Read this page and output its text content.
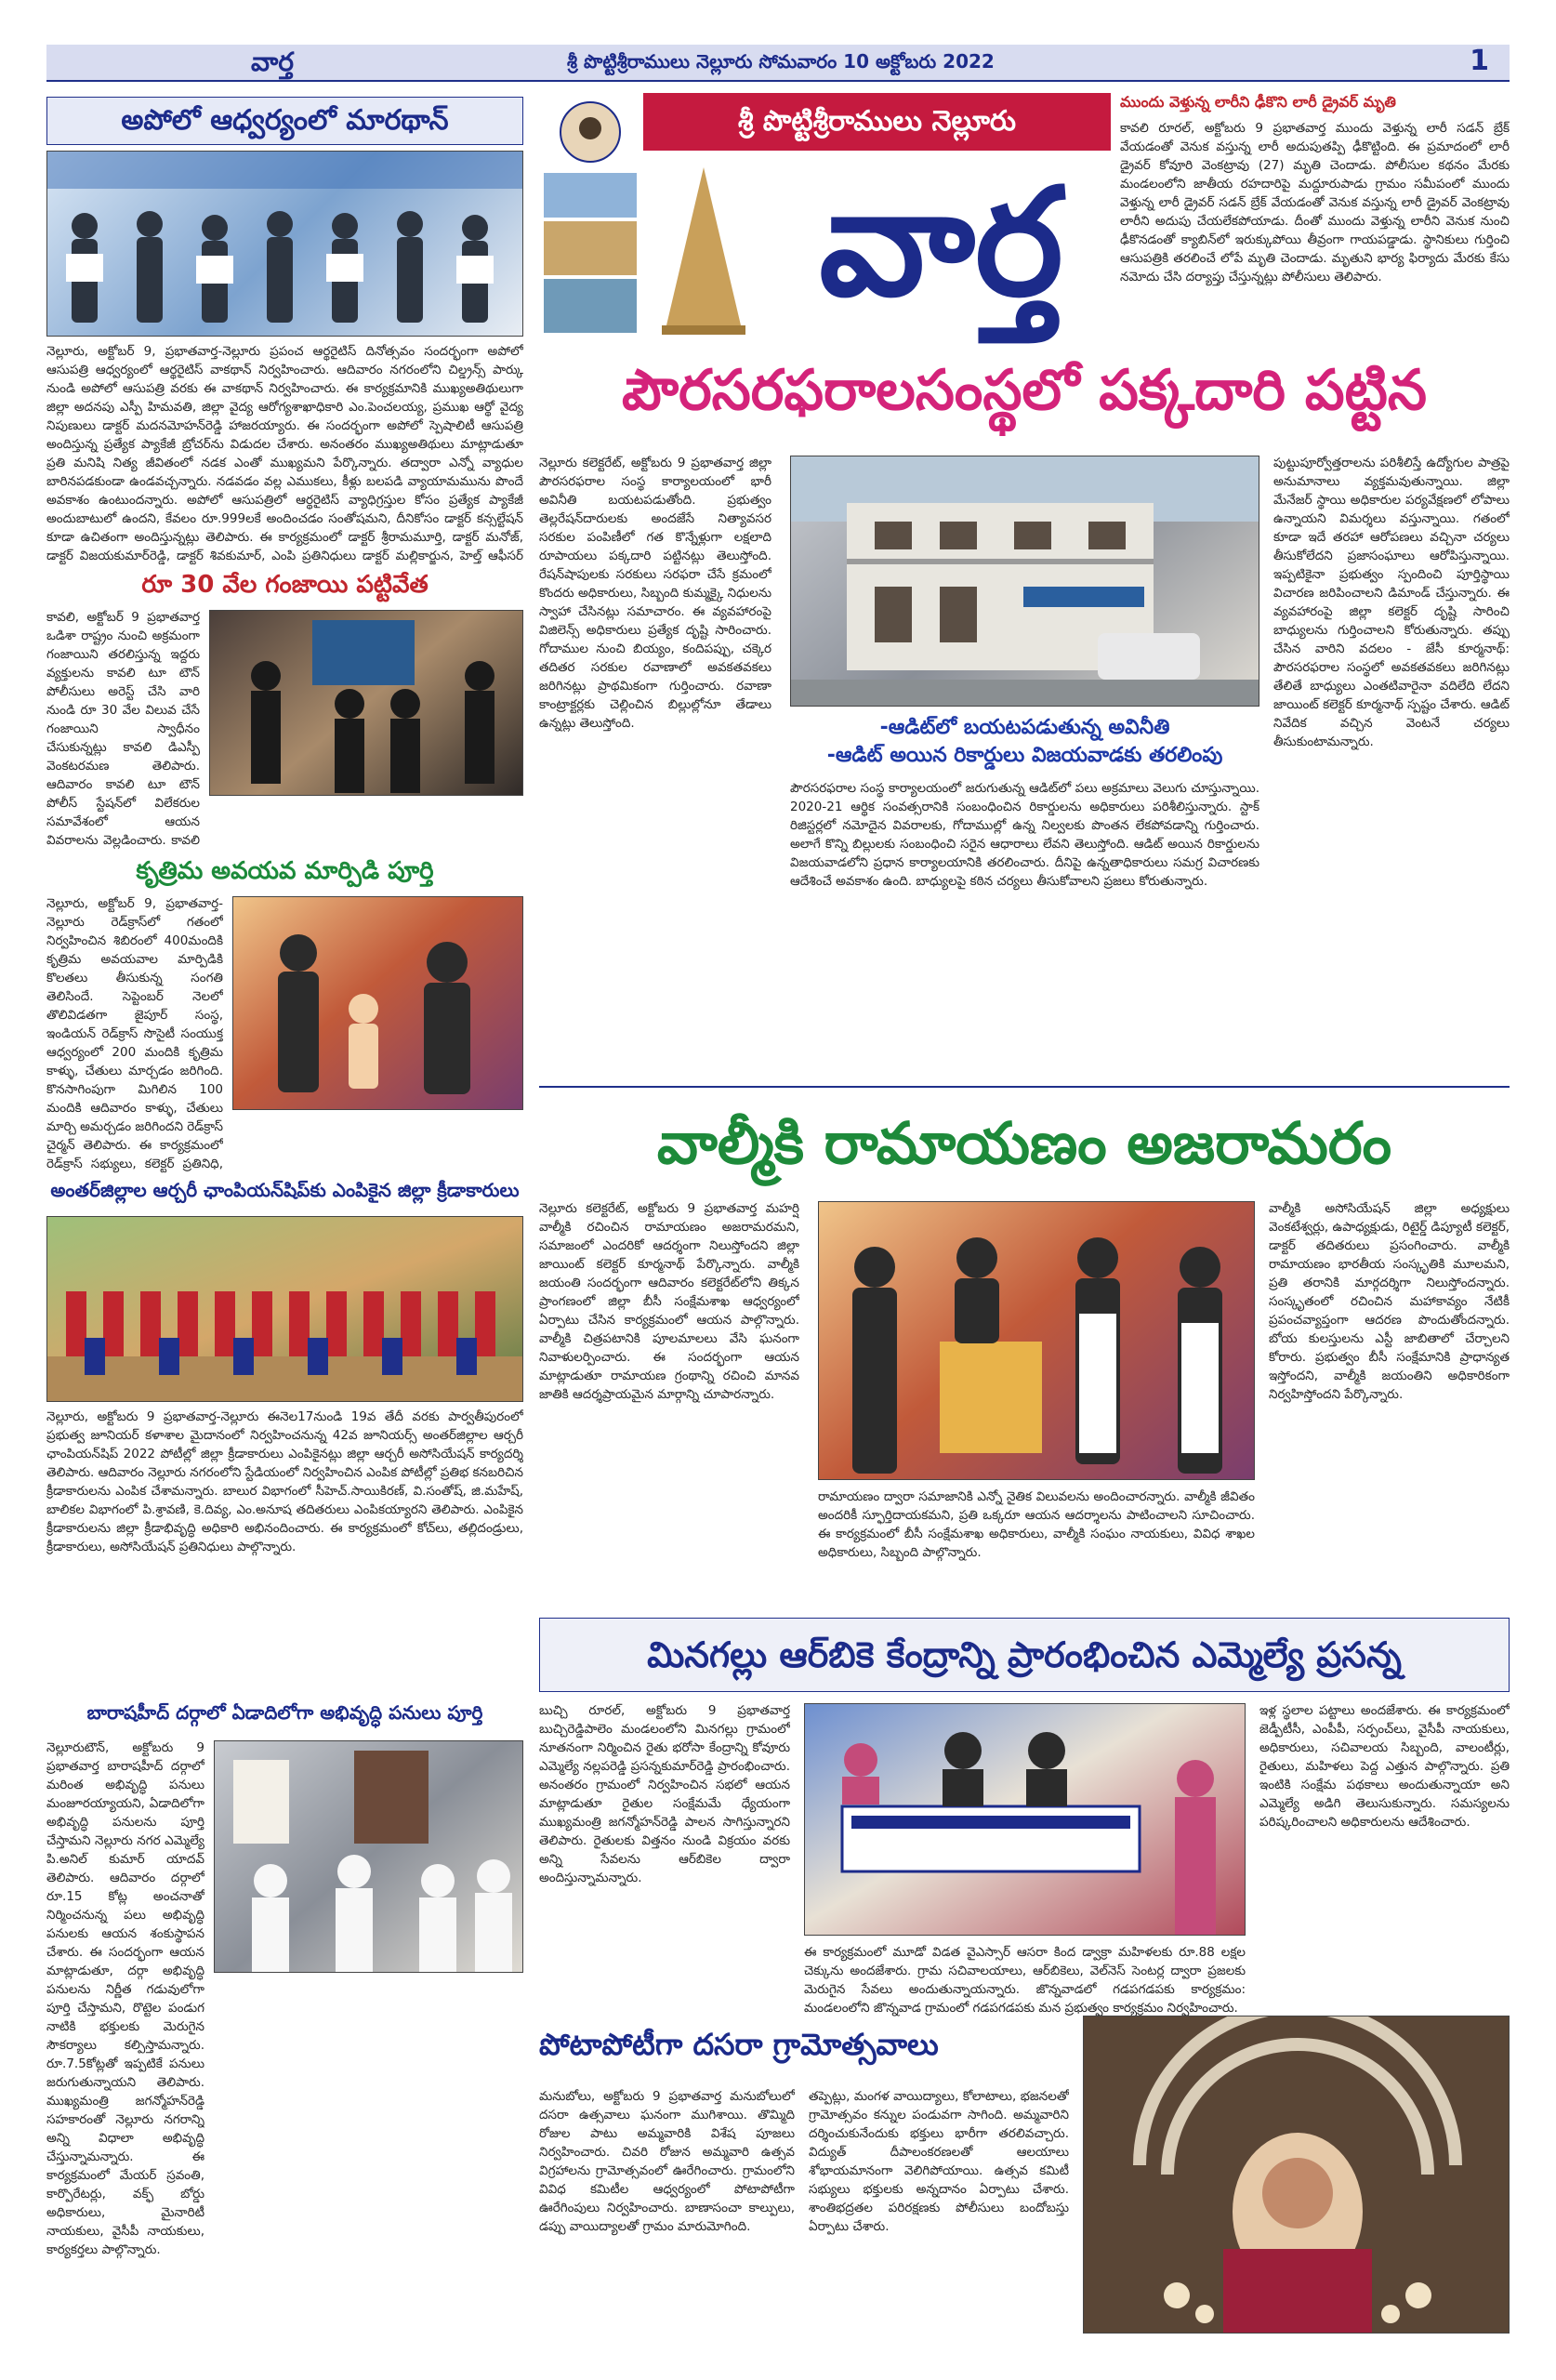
వార్త	శ్రీ పొట్టిశ్రీరాములు నెల్లూరు సోమవారం 10 అక్టోబరు 2022	1
అపోలో ఆధ్వర్యంలో మారథాన్
నెల్లూరు, అక్టోబర్ 9, ప్రభాతవార్త-నెల్లూరు ప్రపంచ ఆర్థరైటిస్ దినోత్సవం సందర్భంగా అపోలో ఆసుపత్రి ఆధ్వర్యంలో ఆర్థరైటిస్ వాకథాన్ నిర్వహించారు. ఆదివారం నగరంలోని చిల్డ్రన్స్ పార్కు నుండి అపోలో ఆసుపత్రి వరకు ఈ వాకథాన్ నిర్వహించారు. ఈ కార్యక్రమానికి ముఖ్యఅతిథులుగా జిల్లా అదనపు ఎస్పీ హిమవతి, జిల్లా వైద్య ఆరోగ్యశాఖాధికారి ఎం.పెంచలయ్య, ప్రముఖ ఆర్థో వైద్య నిపుణులు డాక్టర్ మదనమోహన్‌రెడ్డి హాజరయ్యారు. ఈ సందర్భంగా అపోలో స్పెషాలిటీ ఆసుపత్రి అందిస్తున్న ప్రత్యేక ప్యాకేజీ బ్రోచర్‌ను విడుదల చేశారు. అనంతరం ముఖ్యఅతిథులు మాట్లాడుతూ ప్రతి మనిషి నిత్య జీవితంలో నడక ఎంతో ముఖ్యమని పేర్కొన్నారు. తద్వారా ఎన్నో వ్యాధుల బారినపడకుండా ఉండవచ్చన్నారు. నడవడం వల్ల ఎముకలు, కీళ్లు బలపడి వ్యాయామమును పొందే అవకాశం ఉంటుందన్నారు. అపోలో ఆసుపత్రిలో ఆర్థరైటిస్ వ్యాధిగ్రస్తుల కోసం ప్రత్యేక ప్యాకేజీ అందుబాటులో ఉందని, కేవలం రూ.999లకే అందించడం సంతోషమని, దీనికోసం డాక్టర్ కన్సల్టేషన్ కూడా ఉచితంగా అందిస్తున్నట్లు తెలిపారు. ఈ కార్యక్రమంలో డాక్టర్ శ్రీరామమూర్తి, డాక్టర్ మనోజ్, డాక్టర్ విజయకుమార్‌రెడ్డి, డాక్టర్ శివకుమార్, ఎంపి ప్రతినిధులు డాక్టర్ మల్లికార్జున, హెల్త్ ఆఫీసర్
రూ 30 వేల గంజాయి పట్టివేత
కావలి, అక్టోబర్ 9 ప్రభాతవార్త ఒడిశా రాష్ట్రం నుంచి అక్రమంగా గంజాయిని తరలిస్తున్న ఇద్దరు వ్యక్తులను కావలి టూ టౌన్ పోలీసులు అరెస్ట్ చేసి వారి నుండి రూ 30 వేల విలువ చేసే గంజాయిని స్వాధీనం చేసుకున్నట్లు కావలి డిఎస్పీ వెంకటరమణ తెలిపారు. ఆదివారం కావలి టూ టౌన్ పోలీస్ స్టేషన్‌లో విలేకరుల సమావేశంలో ఆయన వివరాలను వెల్లడించారు. కావలి
కృత్రిమ అవయవ మార్పిడి పూర్తి
నెల్లూరు, అక్టోబర్ 9, ప్రభాతవార్త-నెల్లూరు రెడ్‌క్రాస్‌లో గతంలో నిర్వహించిన శిబిరంలో 400మందికి కృత్రిమ అవయవాల మార్పిడికి కొలతలు తీసుకున్న సంగతి తెలిసిందే. సెప్టెంబర్ నెలలో తొలివిడతగా జైపూర్ సంస్థ, ఇండియన్ రెడ్‌క్రాస్ సొసైటీ సంయుక్త ఆధ్వర్యంలో 200 మందికి కృత్రిమ కాళ్ళు, చేతులు మార్చడం జరిగింది. కొనసాగింపుగా మిగిలిన 100 మందికి ఆదివారం కాళ్ళు, చేతులు మార్చి అమర్చడం జరిగిందని రెడ్‌క్రాస్ చైర్మన్ తెలిపారు. ఈ కార్యక్రమంలో రెడ్‌క్రాస్ సభ్యులు, కలెక్టర్ ప్రతినిధి,
అంతర్‌జిల్లాల ఆర్చరీ ఛాంపియన్‌షిప్‌కు ఎంపికైన జిల్లా క్రీడాకారులు
నెల్లూరు, అక్టోబరు 9 ప్రభాతవార్త-నెల్లూరు ఈనెల17నుండి 19వ తేదీ వరకు పార్వతీపురంలో ప్రభుత్వ జూనియర్ కళాశాల మైదానంలో నిర్వహించనున్న 42వ జూనియర్స్ అంతర్‌జిల్లాల ఆర్చరీ ఛాంపియన్‌షిప్ 2022 పోటీల్లో జిల్లా క్రీడాకారులు ఎంపికైనట్లు జిల్లా ఆర్చరీ అసోసియేషన్ కార్యదర్శి తెలిపారు. ఆదివారం నెల్లూరు నగరంలోని స్టేడియంలో నిర్వహించిన ఎంపిక పోటీల్లో ప్రతిభ కనబరిచిన క్రీడాకారులను ఎంపిక చేశామన్నారు. బాలుర విభాగంలో సీహెచ్.సాయికిరణ్, వి.సంతోష్, జి.మహేష్, బాలికల విభాగంలో పి.శ్రావణి, కె.దివ్య, ఎం.అనూష తదితరులు ఎంపికయ్యారని తెలిపారు. ఎంపికైన క్రీడాకారులను జిల్లా క్రీడాభివృద్ధి అధికారి అభినందించారు. ఈ కార్యక్రమంలో కోచ్‌లు, తల్లిదండ్రులు, క్రీడాకారులు, అసోసియేషన్ ప్రతినిధులు పాల్గొన్నారు.
బారాషహీద్ దర్గాలో ఏడాదిలోగా అభివృద్ధి పనులు పూర్తి
నెల్లూరుటౌన్, అక్టోబరు 9 ప్రభాతవార్త బారాషహీద్ దర్గాలో మరింత అభివృద్ధి పనులు మంజూరయ్యాయని, ఏడాదిలోగా అభివృద్ధి పనులను పూర్తి చేస్తామని నెల్లూరు నగర ఎమ్మెల్యే పి.అనిల్ కుమార్ యాదవ్ తెలిపారు. ఆదివారం దర్గాలో రూ.15 కోట్ల అంచనాతో నిర్మించనున్న పలు అభివృద్ధి పనులకు ఆయన శంకుస్థాపన చేశారు. ఈ సందర్భంగా ఆయన మాట్లాడుతూ, దర్గా అభివృద్ధి పనులను నిర్ణీత గడువులోగా పూర్తి చేస్తామని, రొట్టెల పండుగ నాటికి భక్తులకు మెరుగైన సౌకర్యాలు కల్పిస్తామన్నారు. రూ.7.5కోట్లతో ఇప్పటికే పనులు జరుగుతున్నాయని తెలిపారు. ముఖ్యమంత్రి జగన్మోహన్‌రెడ్డి సహకారంతో నెల్లూరు నగరాన్ని అన్ని విధాలా అభివృద్ధి చేస్తున్నామన్నారు. ఈ కార్యక్రమంలో మేయర్ స్రవంతి, కార్పొరేటర్లు, వక్ఫ్ బోర్డు అధికారులు, మైనారిటీ నాయకులు, వైసీపీ నాయకులు, కార్యకర్తలు పాల్గొన్నారు.
శ్రీ పొట్టిశ్రీరాములు నెల్లూరు
వార్త
ముందు వెళ్తున్న లారీని ఢీకొని లారీ డ్రైవర్ మృతి
కావలి రూరల్, అక్టోబరు 9 ప్రభాతవార్త ముందు వెళ్తున్న లారీ సడన్ బ్రేక్ వేయడంతో వెనుక వస్తున్న లారీ అదుపుతప్పి ఢీకొట్టింది. ఈ ప్రమాదంలో లారీ డ్రైవర్ కోవూరి వెంకట్రావు (27) మృతి చెందాడు. పోలీసుల కథనం మేరకు మండలంలోని జాతీయ రహదారిపై మద్దూరుపాడు గ్రామం సమీపంలో ముందు వెళ్తున్న లారీ డ్రైవర్ సడన్ బ్రేక్ వేయడంతో వెనుక వస్తున్న లారీ డ్రైవర్ వెంకట్రావు లారీని అదుపు చేయలేకపోయాడు. దీంతో ముందు వెళ్తున్న లారీని వెనుక నుంచి ఢీకొనడంతో క్యాబిన్‌లో ఇరుక్కుపోయి తీవ్రంగా గాయపడ్డాడు. స్థానికులు గుర్తించి ఆసుపత్రికి తరలించే లోపే మృతి చెందాడు. మృతుని భార్య ఫిర్యాదు మేరకు కేసు నమోదు చేసి దర్యాప్తు చేస్తున్నట్లు పోలీసులు తెలిపారు.
పౌరసరఫరాలసంస్థలో పక్కదారి పట్టిన
నెల్లూరు కలెక్టరేట్, అక్టోబరు 9 ప్రభాతవార్త జిల్లా పౌరసరఫరాల సంస్థ కార్యాలయంలో భారీ అవినీతి బయటపడుతోంది. ప్రభుత్వం తెల్లరేషన్‌దారులకు అందజేసే నిత్యావసర సరకుల పంపిణీలో గత కొన్నేళ్లుగా లక్షలాది రూపాయలు పక్కదారి పట్టినట్లు తెలుస్తోంది. రేషన్‌షాపులకు సరకులు సరఫరా చేసే క్రమంలో కొందరు అధికారులు, సిబ్బంది కుమ్మక్కై నిధులను స్వాహా చేసినట్లు సమాచారం. ఈ వ్యవహారంపై విజిలెన్స్ అధికారులు ప్రత్యేక దృష్టి సారించారు. గోదాముల నుంచి బియ్యం, కందిపప్పు, చక్కెర తదితర సరకుల రవాణాలో అవకతవకలు జరిగినట్లు ప్రాథమికంగా గుర్తించారు. రవాణా కాంట్రాక్టర్లకు చెల్లించిన బిల్లుల్లోనూ తేడాలు ఉన్నట్లు తెలుస్తోంది.	-ఆడిట్‌లో బయటపడుతున్న అవినీతి
-ఆడిట్ అయిన రికార్డులు విజయవాడకు తరలింపు
పౌరసరఫరాల సంస్థ కార్యాలయంలో జరుగుతున్న ఆడిట్‌లో పలు అక్రమాలు వెలుగు చూస్తున్నాయి. 2020-21 ఆర్థిక సంవత్సరానికి సంబంధించిన రికార్డులను అధికారులు పరిశీలిస్తున్నారు. స్టాక్ రిజిస్టర్లలో నమోదైన వివరాలకు, గోదాముల్లో ఉన్న నిల్వలకు పొంతన లేకపోవడాన్ని గుర్తించారు. అలాగే కొన్ని బిల్లులకు సంబంధించి సరైన ఆధారాలు లేవని తెలుస్తోంది. ఆడిట్ అయిన రికార్డులను విజయవాడలోని ప్రధాన కార్యాలయానికి తరలించారు. దీనిపై ఉన్నతాధికారులు సమగ్ర విచారణకు ఆదేశించే అవకాశం ఉంది. బాధ్యులపై కఠిన చర్యలు తీసుకోవాలని ప్రజలు కోరుతున్నారు.
పుట్టుపూర్వోత్తరాలను పరిశీలిస్తే ఉద్యోగుల పాత్రపై అనుమానాలు వ్యక్తమవుతున్నాయి. జిల్లా మేనేజర్ స్థాయి అధికారుల పర్యవేక్షణలో లోపాలు ఉన్నాయని విమర్శలు వస్తున్నాయి. గతంలో కూడా ఇదే తరహా ఆరోపణలు వచ్చినా చర్యలు తీసుకోలేదని ప్రజాసంఘాలు ఆరోపిస్తున్నాయి. ఇప్పటికైనా ప్రభుత్వం స్పందించి పూర్తిస్థాయి విచారణ జరిపించాలని డిమాండ్ చేస్తున్నారు. ఈ వ్యవహారంపై జిల్లా కలెక్టర్ దృష్టి సారించి బాధ్యులను గుర్తించాలని కోరుతున్నారు. తప్పు చేసిన వారిని వదలం - జేసీ కూర్మనాథ్: పౌరసరఫరాల సంస్థలో అవకతవకలు జరిగినట్లు తేలితే బాధ్యులు ఎంతటివారైనా వదిలేది లేదని జాయింట్ కలెక్టర్ కూర్మనాథ్ స్పష్టం చేశారు. ఆడిట్ నివేదిక వచ్చిన వెంటనే చర్యలు తీసుకుంటామన్నారు.
వాల్మీకి రామాయణం అజరామరం
నెల్లూరు కలెక్టరేట్, అక్టోబరు 9 ప్రభాతవార్త మహర్షి వాల్మీకి రచించిన రామాయణం అజరామరమని, సమాజంలో ఎందరికో ఆదర్శంగా నిలుస్తోందని జిల్లా జాయింట్ కలెక్టర్ కూర్మనాథ్ పేర్కొన్నారు. వాల్మీకి జయంతి సందర్భంగా ఆదివారం కలెక్టరేట్‌లోని తిక్కన ప్రాంగణంలో జిల్లా బీసీ సంక్షేమశాఖ ఆధ్వర్యంలో ఏర్పాటు చేసిన కార్యక్రమంలో ఆయన పాల్గొన్నారు. వాల్మీకి చిత్రపటానికి పూలమాలలు వేసి ఘనంగా నివాళులర్పించారు. ఈ సందర్భంగా ఆయన మాట్లాడుతూ రామాయణ గ్రంథాన్ని రచించి మానవ జాతికి ఆదర్శప్రాయమైన మార్గాన్ని చూపారన్నారు.
రామాయణం ద్వారా సమాజానికి ఎన్నో నైతిక విలువలను అందించారన్నారు. వాల్మీకి జీవితం అందరికీ స్ఫూర్తిదాయకమని, ప్రతి ఒక్కరూ ఆయన ఆదర్శాలను పాటించాలని సూచించారు. ఈ కార్యక్రమంలో బీసీ సంక్షేమశాఖ అధికారులు, వాల్మీకి సంఘం నాయకులు, వివిధ శాఖల అధికారులు, సిబ్బంది పాల్గొన్నారు.
వాల్మీకి అసోసియేషన్ జిల్లా అధ్యక్షులు వెంకటేశ్వర్లు, ఉపాధ్యక్షుడు, రిటైర్డ్ డిప్యూటీ కలెక్టర్, డాక్టర్ తదితరులు ప్రసంగించారు. వాల్మీకి రామాయణం భారతీయ సంస్కృతికి మూలమని, ప్రతి తరానికి మార్గదర్శిగా నిలుస్తోందన్నారు. సంస్కృతంలో రచించిన మహాకావ్యం నేటికీ ప్రపంచవ్యాప్తంగా ఆదరణ పొందుతోందన్నారు. బోయ కులస్తులను ఎస్టీ జాబితాలో చేర్చాలని కోరారు. ప్రభుత్వం బీసీ సంక్షేమానికి ప్రాధాన్యత ఇస్తోందని, వాల్మీకి జయంతిని అధికారికంగా నిర్వహిస్తోందని పేర్కొన్నారు.
మినగల్లు ఆర్‌బికె కేంద్రాన్ని ప్రారంభించిన ఎమ్మెల్యే ప్రసన్న
బుచ్చి రూరల్, అక్టోబరు 9 ప్రభాతవార్త బుచ్చిరెడ్డిపాలెం మండలంలోని మినగల్లు గ్రామంలో నూతనంగా నిర్మించిన రైతు భరోసా కేంద్రాన్ని కోవూరు ఎమ్మెల్యే నల్లపరెడ్డి ప్రసన్నకుమార్‌రెడ్డి ప్రారంభించారు. అనంతరం గ్రామంలో నిర్వహించిన సభలో ఆయన మాట్లాడుతూ రైతుల సంక్షేమమే ధ్యేయంగా ముఖ్యమంత్రి జగన్మోహన్‌రెడ్డి పాలన సాగిస్తున్నారని తెలిపారు. రైతులకు విత్తనం నుండి విక్రయం వరకు అన్ని సేవలను ఆర్‌బికెల ద్వారా అందిస్తున్నామన్నారు.
ఈ కార్యక్రమంలో మూడో విడత వైఎస్సార్ ఆసరా కింద డ్వాక్రా మహిళలకు రూ.88 లక్షల చెక్కును అందజేశారు. గ్రామ సచివాలయాలు, ఆర్‌బికెలు, వెల్‌నెస్ సెంటర్ల ద్వారా ప్రజలకు మెరుగైన సేవలు అందుతున్నాయన్నారు. జొన్నవాడలో గడపగడపకు కార్యక్రమం: మండలంలోని జొన్నవాడ గ్రామంలో గడపగడపకు మన ప్రభుత్వం కార్యక్రమం నిర్వహించారు.
ఇళ్ల స్థలాల పట్టాలు అందజేశారు. ఈ కార్యక్రమంలో జెడ్పీటీసీ, ఎంపీపీ, సర్పంచ్‌లు, వైసీపీ నాయకులు, అధికారులు, సచివాలయ సిబ్బంది, వాలంటీర్లు, రైతులు, మహిళలు పెద్ద ఎత్తున పాల్గొన్నారు. ప్రతి ఇంటికి సంక్షేమ పథకాలు అందుతున్నాయా అని ఎమ్మెల్యే అడిగి తెలుసుకున్నారు. సమస్యలను పరిష్కరించాలని అధికారులను ఆదేశించారు.
పోటాపోటీగా దసరా గ్రామోత్సవాలు
మనుబోలు, అక్టోబరు 9 ప్రభాతవార్త మనుబోలులో దసరా ఉత్సవాలు ఘనంగా ముగిశాయి. తొమ్మిది రోజుల పాటు అమ్మవారికి విశేష పూజలు నిర్వహించారు. చివరి రోజున అమ్మవారి ఉత్సవ విగ్రహాలను గ్రామోత్సవంలో ఊరేగించారు. గ్రామంలోని వివిధ కమిటీల ఆధ్వర్యంలో పోటాపోటీగా ఊరేగింపులు నిర్వహించారు. బాణాసంచా కాల్పులు, డప్పు వాయిద్యాలతో గ్రామం మారుమోగింది.
తప్పెట్లు, మంగళ వాయిద్యాలు, కోలాటాలు, భజనలతో గ్రామోత్సవం కన్నుల పండువగా సాగింది. అమ్మవారిని దర్శించుకునేందుకు భక్తులు భారీగా తరలివచ్చారు. విద్యుత్ దీపాలంకరణలతో ఆలయాలు శోభాయమానంగా వెలిగిపోయాయి. ఉత్సవ కమిటీ సభ్యులు భక్తులకు అన్నదానం ఏర్పాటు చేశారు. శాంతిభద్రతల పరిరక్షణకు పోలీసులు బందోబస్తు ఏర్పాటు చేశారు.
